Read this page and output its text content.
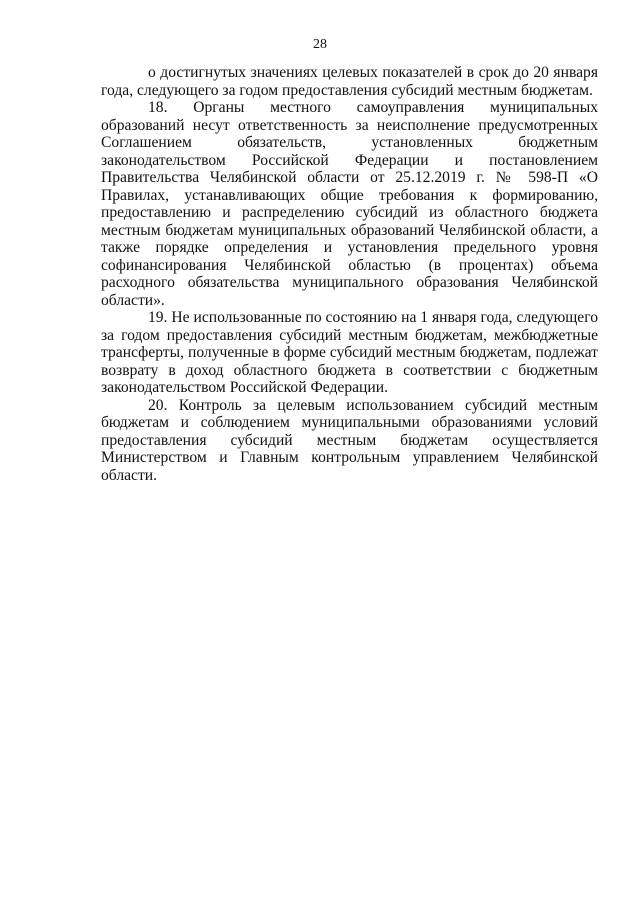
28

о достигнутых значениях целевых показателей в срок до 20 января года, следующего за годом предоставления субсидий местным бюджетам.

18. Органы местного самоуправления муниципальных образований несут ответственность за неисполнение предусмотренных Соглашением обязательств, установленных бюджетным законодательством Российской Федерации и постановлением Правительства Челябинской области от 25.12.2019 г. № 598-П «О Правилах, устанавливающих общие требования к формированию, предоставлению и распределению субсидий из областного бюджета местным бюджетам муниципальных образований Челябинской области, а также порядке определения и установления предельного уровня софинансирования Челябинской областью (в процентах) объема расходного обязательства муниципального образования Челябинской области».

19. Не использованные по состоянию на 1 января года, следующего за годом предоставления субсидий местным бюджетам, межбюджетные трансферты, полученные в форме субсидий местным бюджетам, подлежат возврату в доход областного бюджета в соответствии с бюджетным законодательством Российской Федерации.

20. Контроль за целевым использованием субсидий местным бюджетам и соблюдением муниципальными образованиями условий предоставления субсидий местным бюджетам осуществляется Министерством и Главным контрольным управлением Челябинской области.
